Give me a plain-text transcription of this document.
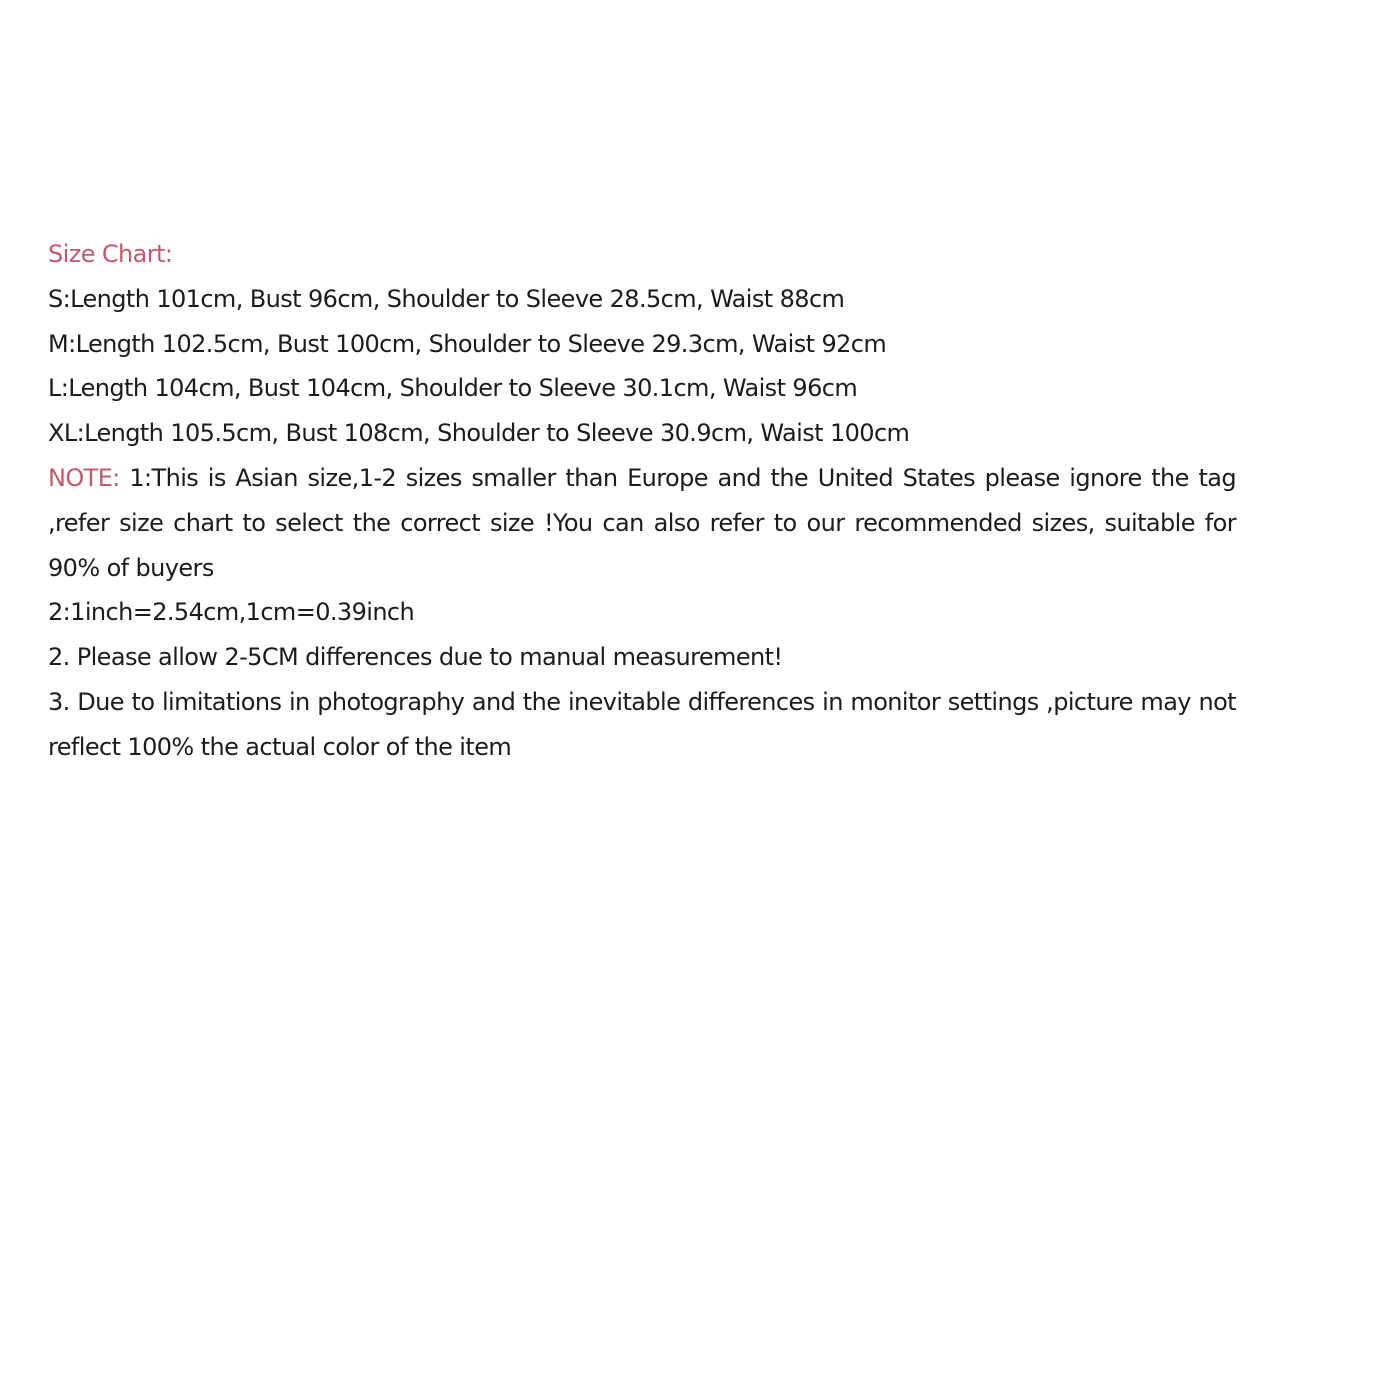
Size Chart:
S:Length 101cm, Bust 96cm, Shoulder to Sleeve 28.5cm, Waist 88cm
M:Length 102.5cm, Bust 100cm, Shoulder to Sleeve 29.3cm, Waist 92cm
L:Length 104cm, Bust 104cm, Shoulder to Sleeve 30.1cm, Waist 96cm
XL:Length 105.5cm, Bust 108cm, Shoulder to Sleeve 30.9cm, Waist 100cm
NOTE: 1:This is Asian size,1-2 sizes smaller than Europe and the United States please ignore the tag ,refer size chart to select the correct size !You can also refer to our recommended sizes, suitable for 90% of buyers
2:1inch=2.54cm,1cm=0.39inch
2. Please allow 2-5CM differences due to manual measurement!
3. Due to limitations in photography and the inevitable differences in monitor settings ,picture may not reflect 100% the actual color of the item
